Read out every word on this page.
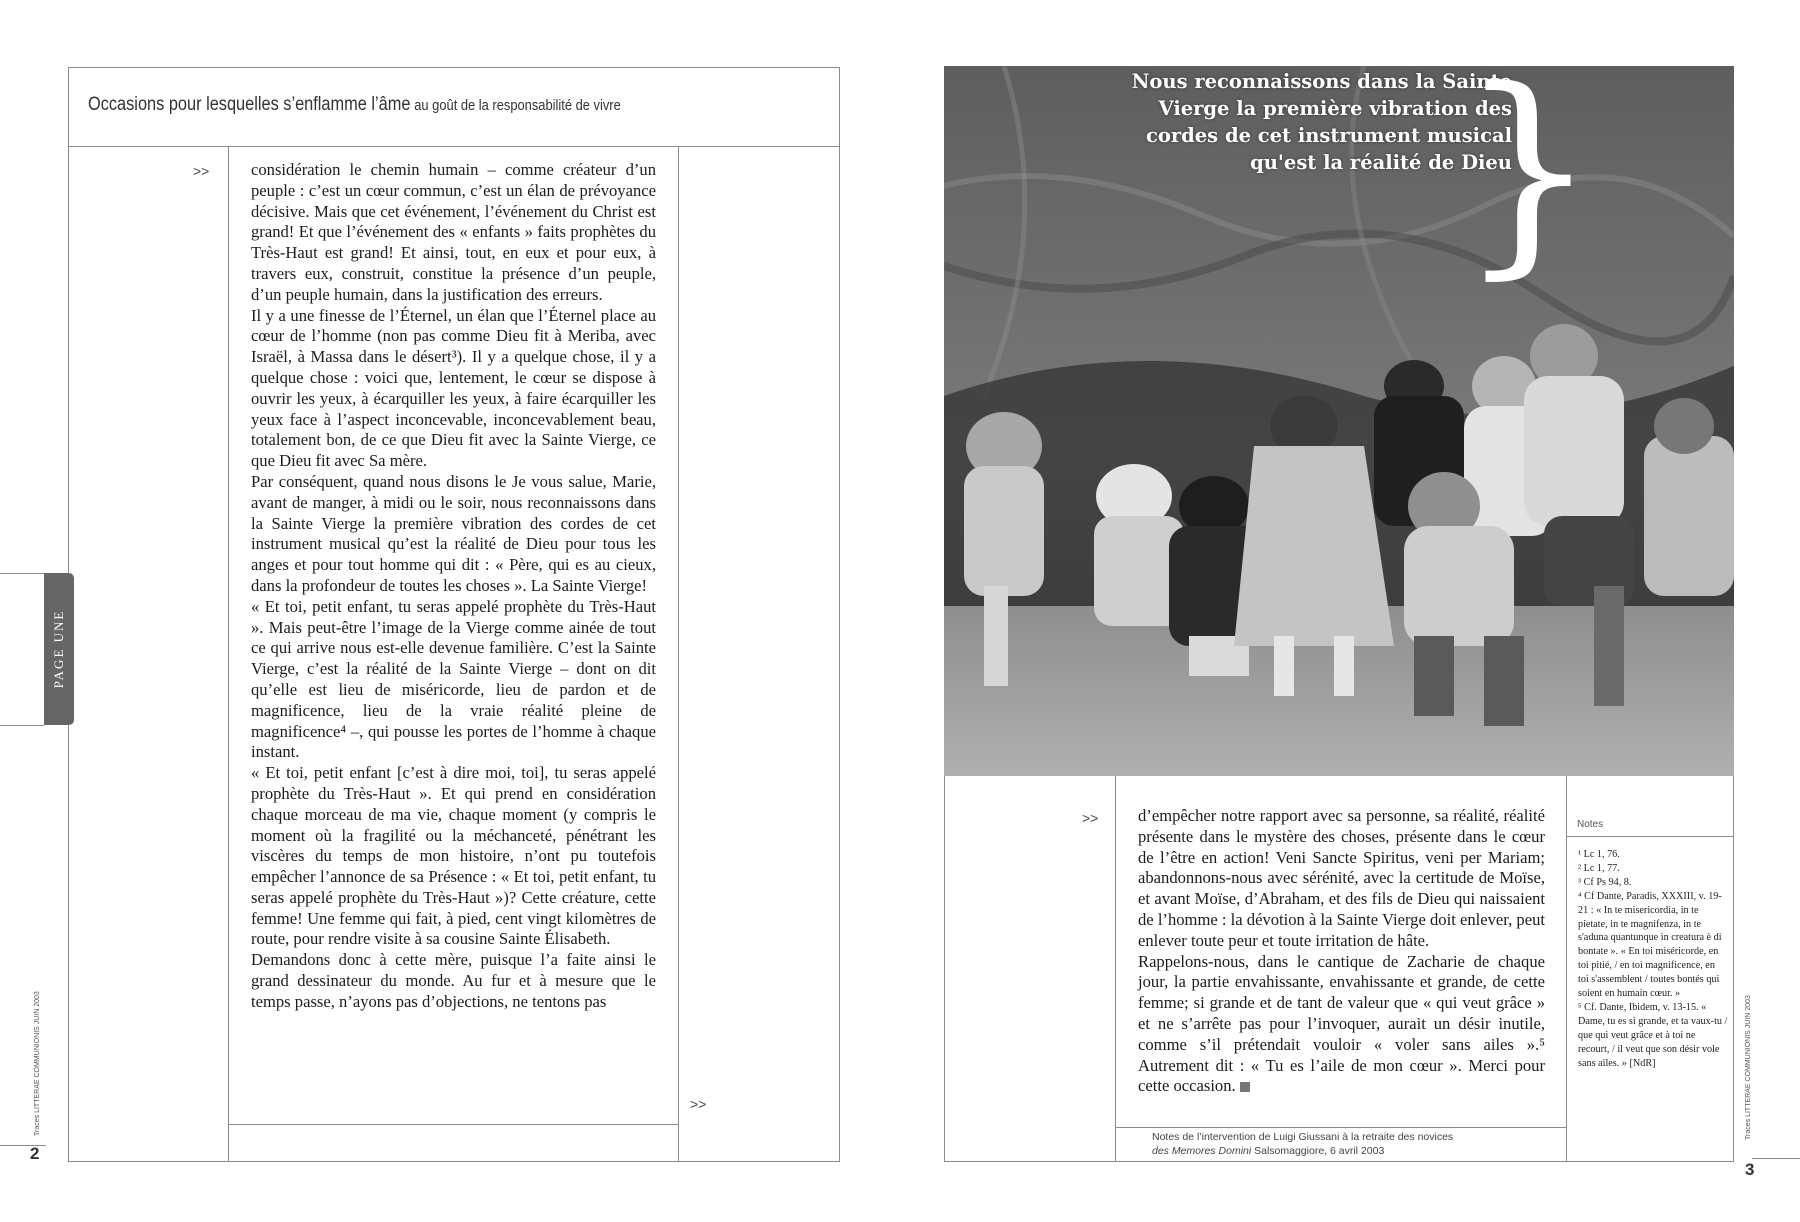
Occasions pour lesquelles s’enflamme l’âme au goût de la responsabilité de vivre
>>
>>

considération le chemin humain – comme créateur d’un peuple : c’est un cœur commun, c’est un élan de prévoyance décisive. Mais que cet événement, l’événement du Christ est grand! Et que l’événement des « enfants » faits prophètes du Très-Haut est grand! Et ainsi, tout, en eux et pour eux, à travers eux, construit, constitue la présence d’un peuple, d’un peuple humain, dans la justification des erreurs.

Il y a une finesse de l’Éternel, un élan que l’Éternel place au cœur de l’homme (non pas comme Dieu fit à Meriba, avec Israël, à Massa dans le désert³). Il y a quelque chose, il y a quelque chose : voici que, lentement, le cœur se dispose à ouvrir les yeux, à écarquiller les yeux, à faire écarquiller les yeux face à l’aspect inconcevable, inconcevablement beau, totalement bon, de ce que Dieu fit avec la Sainte Vierge, ce que Dieu fit avec Sa mère.

Par conséquent, quand nous disons le Je vous salue, Marie, avant de manger, à midi ou le soir, nous reconnaissons dans la Sainte Vierge la première vibration des cordes de cet instrument musical qu’est la réalité de Dieu pour tous les anges et pour tout homme qui dit : « Père, qui es au cieux, dans la profondeur de toutes les choses ». La Sainte Vierge!

« Et toi, petit enfant, tu seras appelé prophète du Très-Haut ». Mais peut-être l’image de la Vierge comme ainée de tout ce qui arrive nous est-elle devenue familière. C’est la Sainte Vierge, c’est la réalité de la Sainte Vierge – dont on dit qu’elle est lieu de miséricorde, lieu de pardon et de magnificence, lieu de la vraie réalité pleine de magnificence⁴ –, qui pousse les portes de l’homme à chaque instant.

« Et toi, petit enfant [c’est à dire moi, toi], tu seras appelé prophète du Très-Haut ». Et qui prend en considération chaque morceau de ma vie, chaque moment (y compris le moment où la fragilité ou la méchanceté, pénétrant les viscères du temps de mon histoire, n’ont pu toutefois empêcher l’annonce de sa Présence : « Et toi, petit enfant, tu seras appelé prophète du Très-Haut »)? Cette créature, cette femme! Une femme qui fait, à pied, cent vingt kilomètres de route, pour rendre visite à sa cousine Sainte Élisabeth.

Demandons donc à cette mère, puisque l’a faite ainsi le grand dessinateur du monde. Au fur et à mesure que le temps passe, n’ayons pas d’objections, ne tentons pas

PAGE UNE
Traces LITTERAE COMMUNIONIS JUIN 2003
2
Nous reconnaissons dans la Sainte
Vierge la première vibration des
cordes de cet instrument musical
qu'est la réalité de Dieu
}
>> d’empêcher notre rapport avec sa personne, sa réalité, réalité présente dans le mystère des choses, présente dans le cœur de l’être en action! Veni Sancte Spiritus, veni per Mariam; abandonnons-nous avec sérénité, avec la certitude de Moïse, et avant Moïse, d’Abraham, et des fils de Dieu qui naissaient de l’homme : la dévotion à la Sainte Vierge doit enlever, peut enlever toute peur et toute irritation de hâte.

Rappelons-nous, dans le cantique de Zacharie de chaque jour, la partie envahissante, envahissante et grande, de cette femme; si grande et de tant de valeur que « qui veut grâce » et ne s’arrête pas pour l’invoquer, aurait un désir inutile, comme s’il prétendait vouloir « voler sans ailes ».⁵ Autrement dit : « Tu es l’aile de mon cœur ». Merci pour cette occasion.

Notes

¹ Lc 1, 76.

² Lc 1, 77.

³ Cf Ps 94, 8.

⁴ Cf Dante, Paradis, XXXIII, v. 19-21 : « In te misericordia, in te pietate, in te magnifenza, in te s'aduna quantunque in creatura è di bontate ». « En toi miséricorde, en toi pitié, / en toi magnificence, en toi s'assemblent / toutes bontés qui soient en humain cœur. »

⁵ Cf. Dante, Ibidem, v. 13-15. « Dame, tu es si grande, et ta vaux-tu / que qui veut grâce et à toi ne recourt, / il veut que son désir vole sans ailes. » [NdR]

Notes de l’intervention de Luigi Giussani à la retraite des novices
des Memores Domini Salsomaggiore, 6 avril 2003
Traces LITTERAE COMMUNIONIS JUIN 2003
3
